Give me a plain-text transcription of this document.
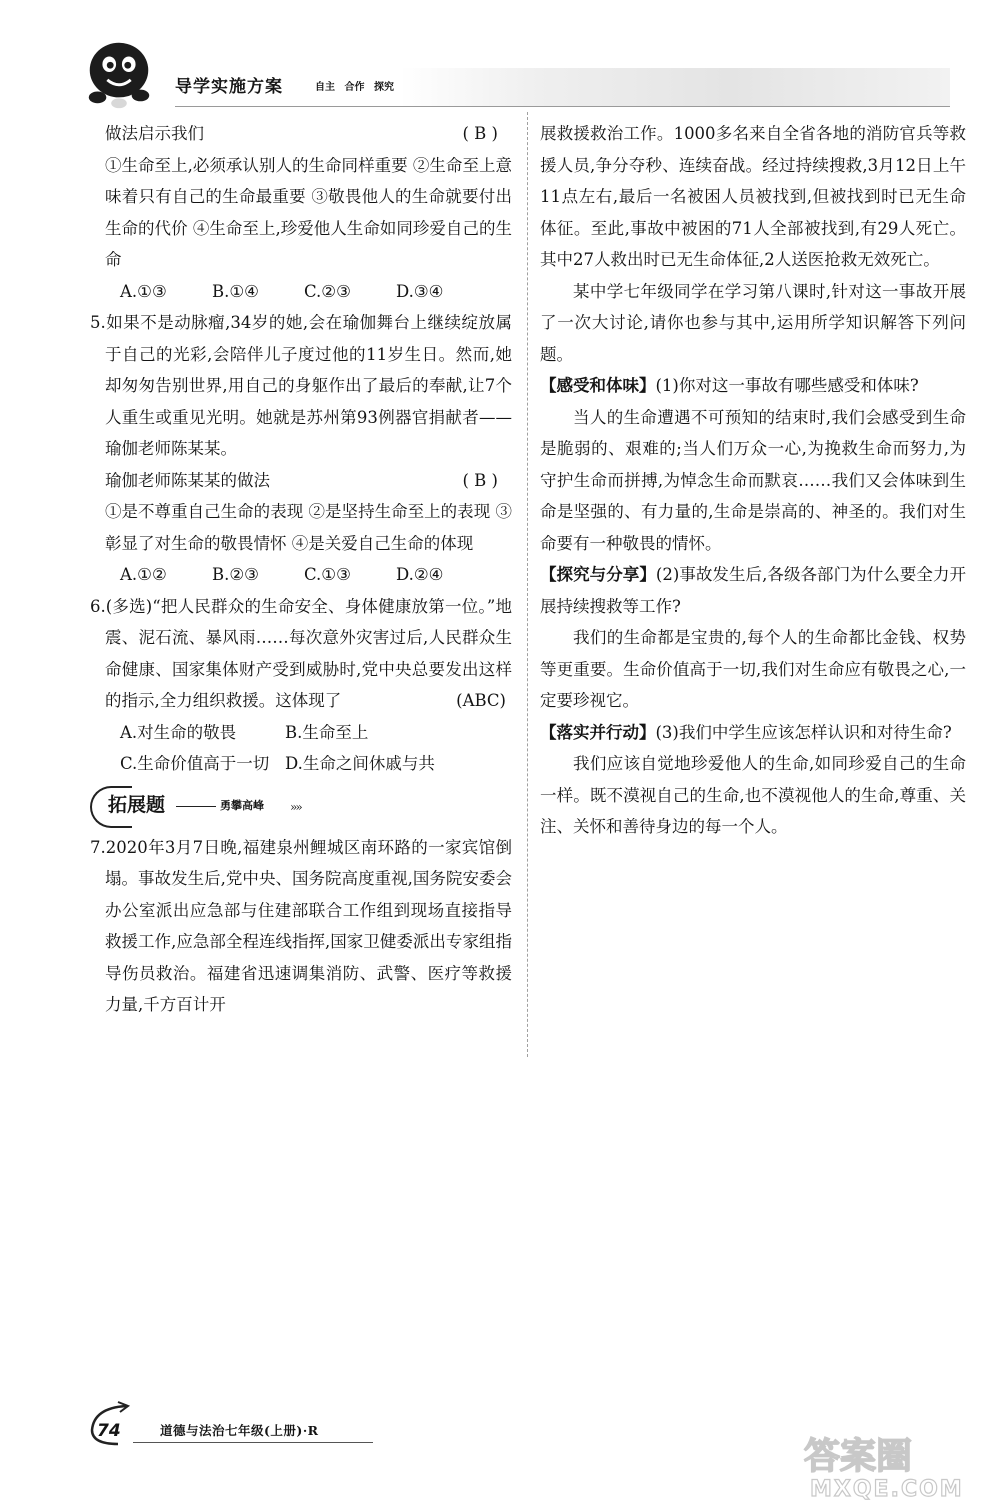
导学实施方案	自主 合作 探究
做法启示我们	( B )

①生命至上,必须承认别人的生命同样重要 ②生命至上意味着只有自己的生命最重要 ③敬畏他人的生命就要付出生命的代价 ④生命至上,珍爱他人生命如同珍爱自己的生命

A.①③	B.①④	C.②③	D.③④

5.如果不是动脉瘤,34岁的她,会在瑜伽舞台上继续绽放属于自己的光彩,会陪伴儿子度过他的11岁生日。然而,她却匆匆告别世界,用自己的身躯作出了最后的奉献,让7个人重生或重见光明。她就是苏州第93例器官捐献者——瑜伽老师陈某某。

瑜伽老师陈某某的做法	( B )

①是不尊重自己生命的表现 ②是坚持生命至上的表现 ③彰显了对生命的敬畏情怀 ④是关爱自己生命的体现

A.①②	B.②③	C.①③	D.②④

6.(多选)“把人民群众的生命安全、身体健康放第一位。”地震、泥石流、暴风雨……每次意外灾害过后,人民群众生命健康、国家集体财产受到威胁时,党中央总要发出这样的指示,全力组织救援。这体现了	(ABC)

A.对生命的敬畏	B.生命至上
C.生命价值高于一切 D.生命之间休戚与共
拓展题	勇攀高峰 »»

7.2020年3月7日晚,福建泉州鲤城区南环路的一家宾馆倒塌。事故发生后,党中央、国务院高度重视,国务院安委会办公室派出应急部与住建部联合工作组到现场直接指导救援工作,应急部全程连线指挥,国家卫健委派出专家组指导伤员救治。福建省迅速调集消防、武警、医疗等救援力量,千方百计开

展救援救治工作。1000多名来自全省各地的消防官兵等救援人员,争分夺秒、连续奋战。经过持续搜救,3月12日上午11点左右,最后一名被困人员被找到,但被找到时已无生命体征。至此,事故中被困的71人全部被找到,有29人死亡。其中27人救出时已无生命体征,2人送医抢救无效死亡。

某中学七年级同学在学习第八课时,针对这一事故开展了一次大讨论,请你也参与其中,运用所学知识解答下列问题。

【感受和体味】(1)你对这一事故有哪些感受和体味?

当人的生命遭遇不可预知的结束时,我们会感受到生命是脆弱的、艰难的;当人们万众一心,为挽救生命而努力,为守护生命而拼搏,为悼念生命而默哀……我们又会体味到生命是坚强的、有力量的,生命是崇高的、神圣的。我们对生命要有一种敬畏的情怀。

【探究与分享】(2)事故发生后,各级各部门为什么要全力开展持续搜救等工作?

我们的生命都是宝贵的,每个人的生命都比金钱、权势等更重要。生命价值高于一切,我们对生命应有敬畏之心,一定要珍视它。

【落实并行动】(3)我们中学生应该怎样认识和对待生命?

我们应该自觉地珍爱他人的生命,如同珍爱自己的生命一样。既不漠视自己的生命,也不漠视他人的生命,尊重、关注、关怀和善待身边的每一个人。

74	道德与法治七年级(上册)·R
答案圈
MXQE.COM
